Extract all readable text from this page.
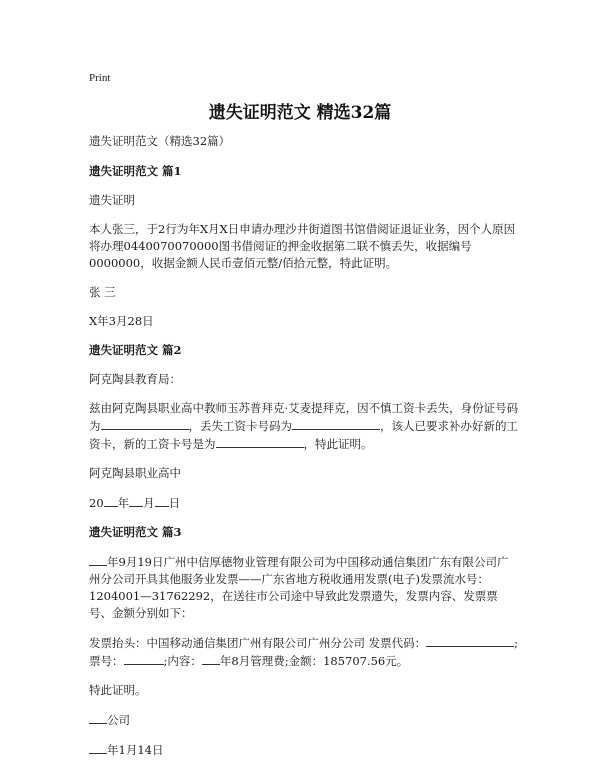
Print
遗失证明范文 精选32篇

遗失证明范文（精选32篇）

遗失证明范文 篇1

遗失证明

本人张三，于2行为年X月X日申请办理沙井街道图书馆借阅证退证业务，因个人原因将办理0440070070000图书借阅证的押金收据第二联不慎丢失，收据编号0000000，收据金额人民币壹佰元整/佰拾元整，特此证明。

张 三

X年3月28日

遗失证明范文 篇2

阿克陶县教育局：

兹由阿克陶县职业高中教师玉苏普拜克·艾麦提拜克，因不慎工资卡丢失，身份证号码为	，丢失工资卡号码为	，该人已要求补办好新的工资卡，新的工资卡号是为	，特此证明。

阿克陶县职业高中

20 年 月 日

遗失证明范文 篇3

年9月19日广州中信厚德物业管理有限公司为中国移动通信集团广东有限公司广州分公司开具其他服务业发票——广东省地方税收通用发票(电子)发票流水号：1204001—31762292，在送往市公司途中导致此发票遗失，发票内容、发票票号、金额分别如下：

发票抬头：中国移动通信集团广州有限公司广州分公司 发票代码：	;票号：	;内容： 年8月管理费;金额：185707.56元。

特此证明。

公司

年1月14日
